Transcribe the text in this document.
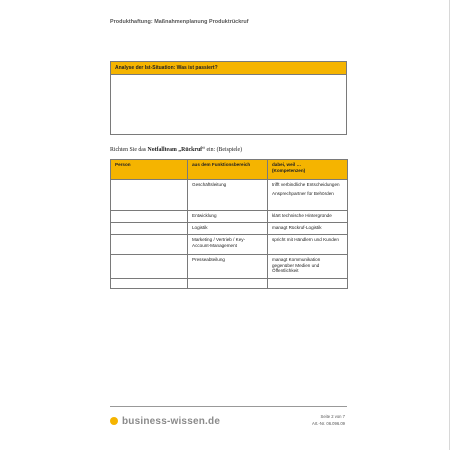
Produkthaftung: Maßnahmenplanung Produktrückruf
Analyse der Ist-Situation: Was ist passiert?
Richten Sie das Notfallteam „Rückruf“ ein: (Beispiele)
Person	aus dem Funktionsbereich	dabei, weil …
(Kompetenzen)
	Geschäftsleitung	trifft verbindliche Entscheidungen
Ansprechpartner für Behörden

	Entwicklung	klärt technische Hintergründe

	Logistik	managt Rückruf-Logistik

	Marketing / Vertrieb / Key-Account-Management	spricht mit Händlern und Kunden

	Presseabteilung	managt Kommunikation gegenüber Medien und Öffentlichkeit

business-wissen.de	Seite 2 von 7
Art.-Nr. 06.096.09
